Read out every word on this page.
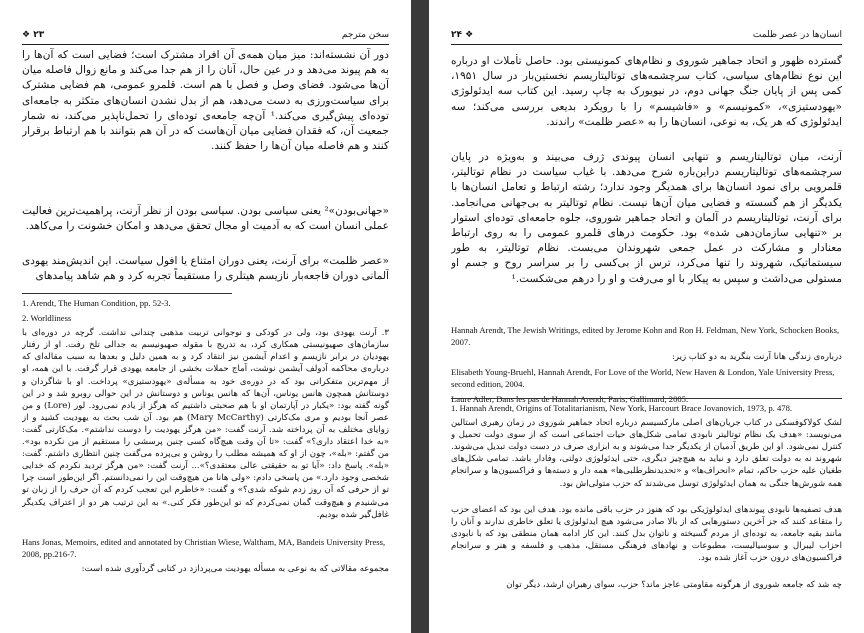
سخن مترجم
۲۳ ❖

دور آن نشسته‌اند: میز میان همه‌ی آن افراد مشترک است؛ فضایی است که آن‌ها را به هم پیوند می‌دهد و در عین حال، آنان را از هم جدا می‌کند و مانع زوال فاصله میان آن‌ها می‌شود. فضای وصل و فصل با هم است. قلمرو عمومی، هم فضایی مشترک برای سیاست‌ورزی به دست می‌دهد، هم از بدل نشدن انسان‌های متکثر به جامعه‌ای توده‌ای پیش‌گیری می‌کند.¹ آن‌چه جامعه‌ی توده‌ای را تحمل‌ناپذیر می‌کند، نه شمار جمعیت آن، که فقدان فضایی میان آن‌هاست که در آن هم بتوانند با هم ارتباط برقرار کنند و هم فاصله میان آن‌ها را حفظ کنند.

«جهانی‌بودن»² یعنی سیاسی بودن. سیاسی بودن از نظر آرنت، پراهمیت‌ترین فعالیت عملی انسان است که به آدمیت او مجال تحقق می‌دهد و امکان خشونت را می‌کاهد.

«عصر ظلمت» برای آرنت، یعنی دوران امتناع یا افول سیاست. این اندیش‌مند یهودی آلمانی دوران فاجعه‌بار نازیسم هیتلری را مستقیماً تجربه کرد و هم شاهد پیامدهای

1. Arendt, The Human Condition, pp. 52-3.

2. Worldliness

۳. آرنت یهودی بود، ولی در کودکی و نوجوانی تربیت مذهبی چندانی نداشت. گرچه در دوره‌ای با سازمان‌های صهیونیستی همکاری کرد، به تدریج با مقوله صهیونیسم به جدالی تلخ رفت. او از رفتار یهودیان در برابر نازیسم و اعدام آیشمن نیز انتقاد کرد و به همین دلیل و بعدها به سبب مقاله‌ای که درباره‌ی محاکمه آدولف آیشمن نوشت، آماج حملات بخشی از جامعه یهودی قرار گرفت. با این همه، او از مهم‌ترین متفکرانی بود که در دوره‌ی خود به مسأله‌ی «یهودستیزی» پرداخت. او با شاگردان و دوستانش همچون هانس یوناس، آن‌ها که هانس یوناس و دوستانش در این حوالی روبرو شد و در این گونه گفته بود: «یکبار در آپارتمان او با هم صحبتی داشتیم که هرگز از یادم نمی‌رود. لور (Lore) و من عصر آنجا بودیم و مری مک‌کارتی (Mary McCarthy) هم بود. آن شب بحث به یهودیت کشید و از زوایای مختلف به آن پرداخته شد. آرنت گفت: «من هرگز یهودیت را دوست نداشتم». مک‌کارتی گفت: «به خدا اعتقاد داری؟» گفت: «تا آن وقت هیچ‌گاه کسی چنین پرسشی را مستقیم از من نکرده بود». من گفتم: «بله»، چون از او که همیشه مطلب را روشن و بی‌پرده می‌گفت چنین انتظاری داشتم. گفت: «بله». پاسخ داد: «آیا تو به حقیقتی عالی معتقدی؟»... آرنت گفت: «من هرگز تردید نکردم که خدایی شخصی وجود دارد.» من پاسخی دادم: «ولی هانا من هیچ‌وقت این را نمی‌دانستم. اگر این‌طور است چرا تو از حرفی که آن روز زدم شوکه شدی؟» و گفت: «خاطرم این تعجب کردم که آن حرف را از زبان تو می‌شنیدم و هیچ‌وقت گمان نمی‌کردم که تو این‌طور فکر کنی.» به این ترتیب هر دو از اعتراف یکدیگر غافل‌گیر شده بودیم.

Hans Jonas, Memoirs, edited and annotated by Christian Wiese, Waltham, MA, Bandeis University Press, 2008, pp.216-7.

مجموعه مقالاتی که به نوعی به مسأله یهودیت می‌پردازد در کتابی گردآوری شده است:

انسان‌ها در عصر ظلمت
❖ ۲۴

گسترده ظهور و اتحاد جماهیر شوروی و نظام‌های کمونیستی بود. حاصل تأملات او درباره این نوع نظام‌های سیاسی، کتاب سرچشمه‌های توتالیتاریسم نخستین‌بار در سال ۱۹۵۱، کمی پس از پایان جنگ جهانی دوم، در نیویورک به چاپ رسید. این کتاب سه ایدئولوژی «یهودستیزی»، «کمونیسم» و «فاشیسم» را با رویکرد بدیعی بررسی می‌کند؛ سه ایدئولوژی که هر یک، به نوعی، انسان‌ها را به «عصر ظلمت» راندند.

آرنت، میان توتالیتاریسم و تنهایی انسان پیوندی ژرف می‌بیند و به‌ویژه در پایان سرچشمه‌های توتالیتاریسم دراین‌باره شرح می‌دهد. با غیاب سیاست در نظام توتالیتر، قلمرویی برای نمود انسان‌ها برای همدیگر وجود ندارد؛ رشته ارتباط و تعامل انسان‌ها با یکدیگر از هم گسسته و فضایی میان آن‌ها نیست. نظام توتالیتر به بی‌جهانی می‌انجامد. برای آرنت، توتالیتاریسم در آلمان و اتحاد جماهیر شوروی، جلوه جامعه‌ای توده‌ای استوار بر «تنهایی سازمان‌دهی شده» بود. حکومت در‌های قلمرو عمومی را به روی ارتباط معنادار و مشارکت در عمل جمعی شهروندان می‌بست. نظام توتالیتر، به طور سیستماتیک، شهروند را تنها می‌کرد، ترس از بی‌کسی را بر سراسر روح و جسم او مستولی می‌داشت و سپس به پیکار با او می‌رفت و او را درهم می‌شکست.¹

Hannah Arendt, The Jewish Writings, edited by Jerome Kohn and Ron H. Feldman, New York, Schocken Books, 2007.

درباره‌ی زندگی هانا آرنت بنگرید به دو کتاب زیر:

Elisabeth Young-Bruehl, Hannah Arendt, For Love of the World, New Haven & London, Yale University Press, second edition, 2004.

Laure Adler, Dans les pas de Hannah Arendt, Paris, Gallimard, 2005.

1. Hannah Arendt, Origins of Totalitarianism, New York, Harcourt Brace Jovanovich, 1973, p. 478.

لشک کولاکوفسکی در کتاب جریان‌های اصلی مارکسیسم درباره اتحاد جماهیر شوروی در زمان رهبری استالین می‌نویسد: «هدف یک نظام توتالیتر نابودی تمامی شکل‌های حیات اجتماعی است که از سوی دولت تحمیل و کنترل نمی‌شود. او این طریق آدمیان از یکدیگر جدا می‌شوند و به ابزاری صرف در دست دولت تبدیل می‌شوند. شهروند نه به دولت تعلق دارد و نباید به هیچ‌چیز دیگری، حتی ایدئولوژی دولتی، وفادار باشد. تمامی شکل‌های طغیان علیه حزب حاکم، تمام «انحراف‌ها» و «تحدیدنظرطلبی‌ها» همه دار و دسته‌ها و فراکسیون‌ها و سرانجام همه شورش‌ها جنگی به همان ایدئولوژی توسل می‌شدند که حزب متولی‌اش بود.

هدف تصفیه‌ها نابودی پیوندهای ایدئولوژیکی بود که هنوز در حزب باقی مانده بود. هدف این بود که اعضای حزب را متقاعد کنند که جز آخرین دستورهایی که از بالا صادر می‌شود هیچ ایدئولوژی یا تعلق خاطری ندارند و آنان را مانند بقیه جامعه، به توده‌ای از مردم گسیخته و ناتوان بدل کنند. این کار ادامه همان منطقی بود که با نابودی احزاب لیبرال و سوسیالیست، مطبوعات و نهادهای فرهنگی مستقل، مذهب و فلسفه و هنر و سرانجام فراکسیون‌های درون حزب آغاز شده بود.

چه شد که جامعه شوروی از هرگونه مقاومتی عاجز ماند؟ حزب، سوای رهبران ارشد، دیگر توان
